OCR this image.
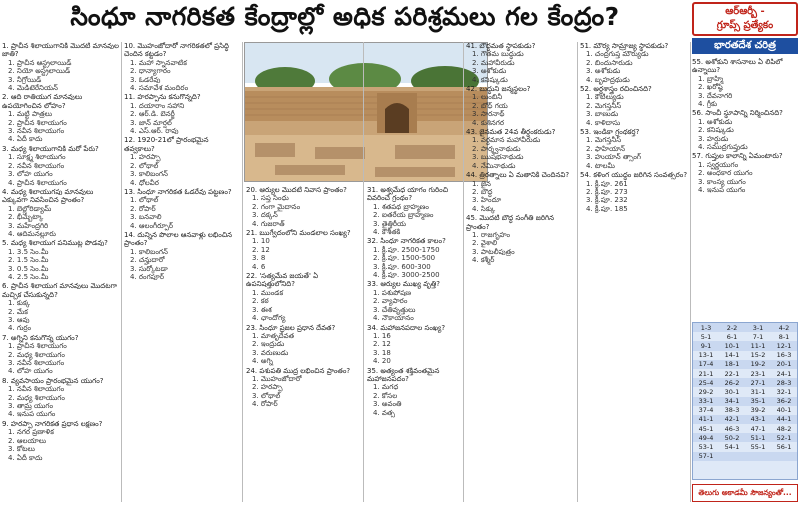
సింధూ నాగరికత కేంద్రాల్లో అధిక పరిశ్రమలు గల కేంద్రం?	ఆర్ఆర్బీ -
గ్రూప్స్ ప్రత్యేకం
భారతదేశ చరిత్ర
1. ప్రాచీన శిలాయుగానికి మొదటి మానవుల జాతి?
1. ప్రాచీన ఆస్ట్రలాయిడ్
2. నియో అస్ట్రలాయిడ్
3. నీగ్రోయిడ్
4. మెడిటెరేనియన్
2. ఆది రాతియుగ మానవులు ఉపయోగించిన లోహం?
1. మట్టి పాత్రలు
2. ప్రాచీన శిలాయుగం
3. నవీన శిలాయుగం
4. ఏదీ కాదు
3. మధ్య శిలాయుగానికి మరో పేరు?
1. సూక్ష్మ శిలాయుగం
2. నవీన శిలాయుగం
3. లోహ యుగం
4. ప్రాచీన శిలాయుగం
4. మధ్య శిలాయుగపు మానవులు ఎక్కువగా నివసించిన ప్రాంతం?
1. బెల్లోరిడ్యామ్
2. భీమ్బేట్కా
3. మహేంద్రగిరి
4. ఆదిమనల్లూరు
5. మధ్య శిలాయుగ పనిముట్ల పొడవు?
1. 3.5 సెం.మీ
2. 1.5 సెం.మీ
3. 0.5 సెం.మీ
4. 2.5 సెం.మీ
6. ప్రాచీన శిలాయుగ మానవులు మొదటగా మచ్చిక చేసుకున్నది?
1. కుక్క
2. మేక
3. ఆవు
4. గుర్రం
7. అగ్నిని కనుగొన్న యుగం?
1. ప్రాచీన శిలాయుగం
2. మధ్య శిలాయుగం
3. నవీన శిలాయుగం
4. లోహ యుగం
8. వ్యవసాయం ప్రారంభమైన యుగం?
1. నవీన శిలాయుగం
2. మధ్య శిలాయుగం
3. తామ్ర యుగం
4. ఇనుప యుగం
9. హరప్పా నాగరికత ప్రధాన లక్షణం?
1. నగర ప్రణాళిక
2. ఆలయాలు
3. కోటలు
4. ఏదీ కాదు
10. మొహంజోదారో నాగరికతలో ప్రసిద్ధి చెందిన కట్టడం?
1. మహా స్నానవాటిక
2. ధాన్యాగారం
3. ఓడరేవు
4. సమావేశ మందిరం
11. హరప్పాను కనుగొన్నది?
1. దయారాం సహాని
2. ఆర్.డి. బెనర్జీ
3. జాన్ మార్షల్
4. ఎస్.ఆర్. రావు
12. 1920-21లో ప్రారంభమైన తవ్వకాలు?
1. హరప్పా
2. లోథాల్
3. కాలిబంగన్
4. ధోలవీర
13. సింధూ నాగరికత ఓడరేవు పట్టణం?
1. లోథాల్
2. రోపార్
3. బనవాలి
4. ఆలంగీర్పూర్
14. దున్నిన పొలాల ఆనవాళ్లు లభించిన ప్రాంతం?
1. కాలిబంగన్
2. చన్హుదారో
3. సుర్కోటడా
4. రంగపూర్
20. ఆర్యుల మొదటి నివాస ప్రాంతం?
1. సప్త సింధు
2. గంగా మైదానం
3. దక్కన్
4. గుజరాత్
21. ఋగ్వేదంలోని మండలాల సంఖ్య?
1. 10
2. 12
3. 8
4. 6
22. 'సత్యమేవ జయతే' ఏ ఉపనిషత్తులోనిది?
1. ముండక
2. కఠ
3. ఈశ
4. ఛాందోగ్య
23. సింధూ ప్రజల ప్రధాన దేవత?
1. మాతృదేవత
2. ఇంద్రుడు
3. వరుణుడు
4. అగ్ని
24. పశుపతి ముద్ర లభించిన ప్రాంతం?
1. మొహంజోదారో
2. హరప్పా
3. లోథాల్
4. రోపార్
31. అశ్వమేధ యాగం గురించి వివరించే గ్రంథం?
1. శతపథ బ్రాహ్మణం
2. ఐతరేయ బ్రాహ్మణం
3. తైత్తిరీయ
4. కౌశీతకి
32. సింధూ నాగరికత కాలం?
1. క్రీ.పూ. 2500-1750
2. క్రీ.పూ. 1500-500
3. క్రీ.పూ. 600-300
4. క్రీ.పూ. 3000-2500
33. ఆర్యుల ముఖ్య వృత్తి?
1. పశుపోషణ
2. వ్యాపారం
3. చేతివృత్తులు
4. నౌకాయానం
34. మహాజనపదాల సంఖ్య?
1. 16
2. 12
3. 18
4. 20
35. అత్యంత శక్తివంతమైన మహాజనపదం?
1. మగధ
2. కోసల
3. అవంతి
4. వత్స
41. బౌద్ధమత స్థాపకుడు?
1. గౌతమ బుద్ధుడు
2. మహావీరుడు
3. అశోకుడు
4. కనిష్కుడు
42. బుద్ధుని జన్మస్థలం?
1. లుంబినీ
2. బోధ్ గయ
3. సారనాథ్
4. కుశినగర
43. జైనమత 24వ తీర్థంకరుడు?
1. వర్ధమాన మహావీరుడు
2. పార్శ్వనాథుడు
3. ఋషభనాథుడు
4. నేమినాథుడు
44. త్రిరత్నాలు ఏ మతానికి చెందినవి?
1. జైన
2. బౌద్ధ
3. హిందూ
4. సిక్కు
45. మొదటి బౌద్ధ సంగీతి జరిగిన ప్రాంతం?
1. రాజగృహం
2. వైశాలి
3. పాటలీపుత్రం
4. కశ్మీర్
51. మౌర్య సామ్రాజ్య స్థాపకుడు?
1. చంద్రగుప్త మౌర్యుడు
2. బిందుసారుడు
3. అశోకుడు
4. బృహద్రథుడు
52. అర్థశాస్త్రం రచించినది?
1. కౌటిల్యుడు
2. మెగస్తనీస్
3. బాణుడు
4. కాళిదాసు
53. ఇండికా గ్రంథకర్త?
1. మెగస్తనీస్
2. ఫాహియాన్
3. హుయాన్ త్సాంగ్
4. టాలమీ
54. కళింగ యుద్ధం జరిగిన సంవత్సరం?
1. క్రీ.పూ. 261
2. క్రీ.పూ. 273
3. క్రీ.పూ. 232
4. క్రీ.పూ. 185
55. అశోకుని శాసనాలు ఏ లిపిలో ఉన్నాయి?
1. బ్రాహ్మి
2. ఖరోష్ఠి
3. దేవనాగరి
4. గ్రీకు
56. సాంచీ స్థూపాన్ని నిర్మించినది?
1. అశోకుడు
2. కనిష్కుడు
3. హర్షుడు
4. సముద్రగుప్తుడు
57. గుప్తుల కాలాన్ని ఏమంటారు?
1. స్వర్ణయుగం
2. అంధకార యుగం
3. కాంస్య యుగం
4. ఇనుప యుగం
1-3	2-2	3-1	4-2
5-1	6-1	7-1	8-1
9-1	10-1	11-1	12-1
13-1	14-1	15-2	16-3
17-4	18-1	19-2	20-1
21-1	22-1	23-1	24-1
25-4	26-2	27-1	28-3
29-2	30-1	31-1	32-1
33-1	34-1	35-1	36-2
37-4	38-3	39-2	40-1
41-1	42-1	43-1	44-1
45-1	46-3	47-1	48-2
49-4	50-2	51-1	52-1
53-1	54-1	55-1	56-1
57-1			
తెలుగు అకాడమీ సౌజన్యంతో...
